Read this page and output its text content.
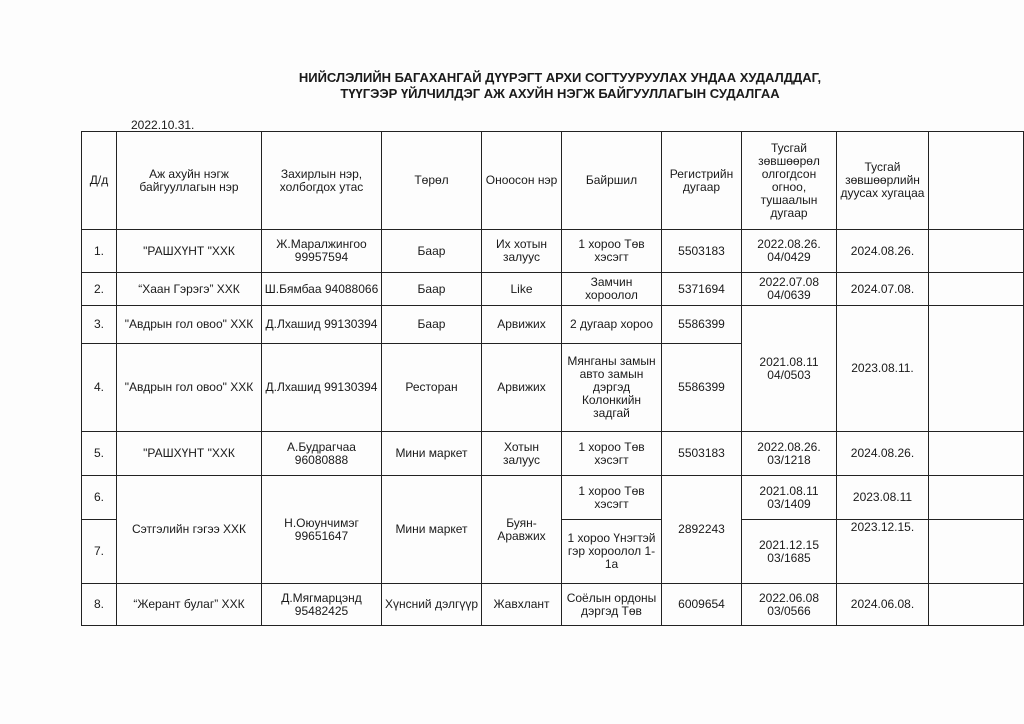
НИЙСЛЭЛИЙН БАГАХАНГАЙ ДҮҮРЭГТ АРХИ СОГТУУРУУЛАХ УНДАА ХУДАЛДДАГ,
ТҮҮГЭЭР ҮЙЛЧИЛДЭГ АЖ АХУЙН НЭГЖ БАЙГУУЛЛАГЫН СУДАЛГАА
2022.10.31.
Д/д	Аж ахуйн нэгж байгууллагын нэр	Захирлын нэр, холбогдох утас	Төрөл	Оноосон нэр	Байршил	Регистрийн дугаар	Тусгай зөвшөөрөл олгогдсон огноо, тушаалын дугаар	Тусгай зөвшөөрлийн дуусах хугацаа	
1.	"РАШХҮНТ "ХХК	Ж.Маралжингоо 99957594	Баар	Их хотын залуус	1 хороо Төв хэсэгт	5503183	2022.08.26. 04/0429	2024.08.26.	
2.	“Хаан Гэрэгэ” ХХК	Ш.Бямбаа 94088066	Баар	Like	Замчин хороолол	5371694	2022.07.08 04/0639	2024.07.08.	
3.	"Авдрын гол овоо" ХХК	Д.Лхашид 99130394	Баар	Арвижих	2 дугаар хороо	5586399	2021.08.11 04/0503	2023.08.11.	
4.	"Авдрын гол овоо" ХХК	Д.Лхашид 99130394	Ресторан	Арвижих	Мянганы замын авто замын дэргэд Колонкийн задгай	5586399			
5.	"РАШХҮНТ "ХХК	А.Будрагчаа 96080888	Мини маркет	Хотын залуус	1 хороо Төв хэсэгт	5503183	2022.08.26. 03/1218	2024.08.26.	
6.	Сэтгэлийн гэгээ ХХК	Н.Оюунчимэг 99651647	Мини маркет	Буян-Аравжих	1 хороо Төв хэсэгт	2892243	2021.08.11 03/1409	2023.08.11	
7.					1 хороо Үнэгтэй гэр хороолол 1-1а		2021.12.15 03/1685	2023.12.15.	
8.	“Жерант булаг” ХХК	Д.Мягмарцэнд 95482425	Хүнсний дэлгүүр	Жавхлант	Соёлын ордоны дэргэд Төв	6009654	2022.06.08 03/0566	2024.06.08.	
